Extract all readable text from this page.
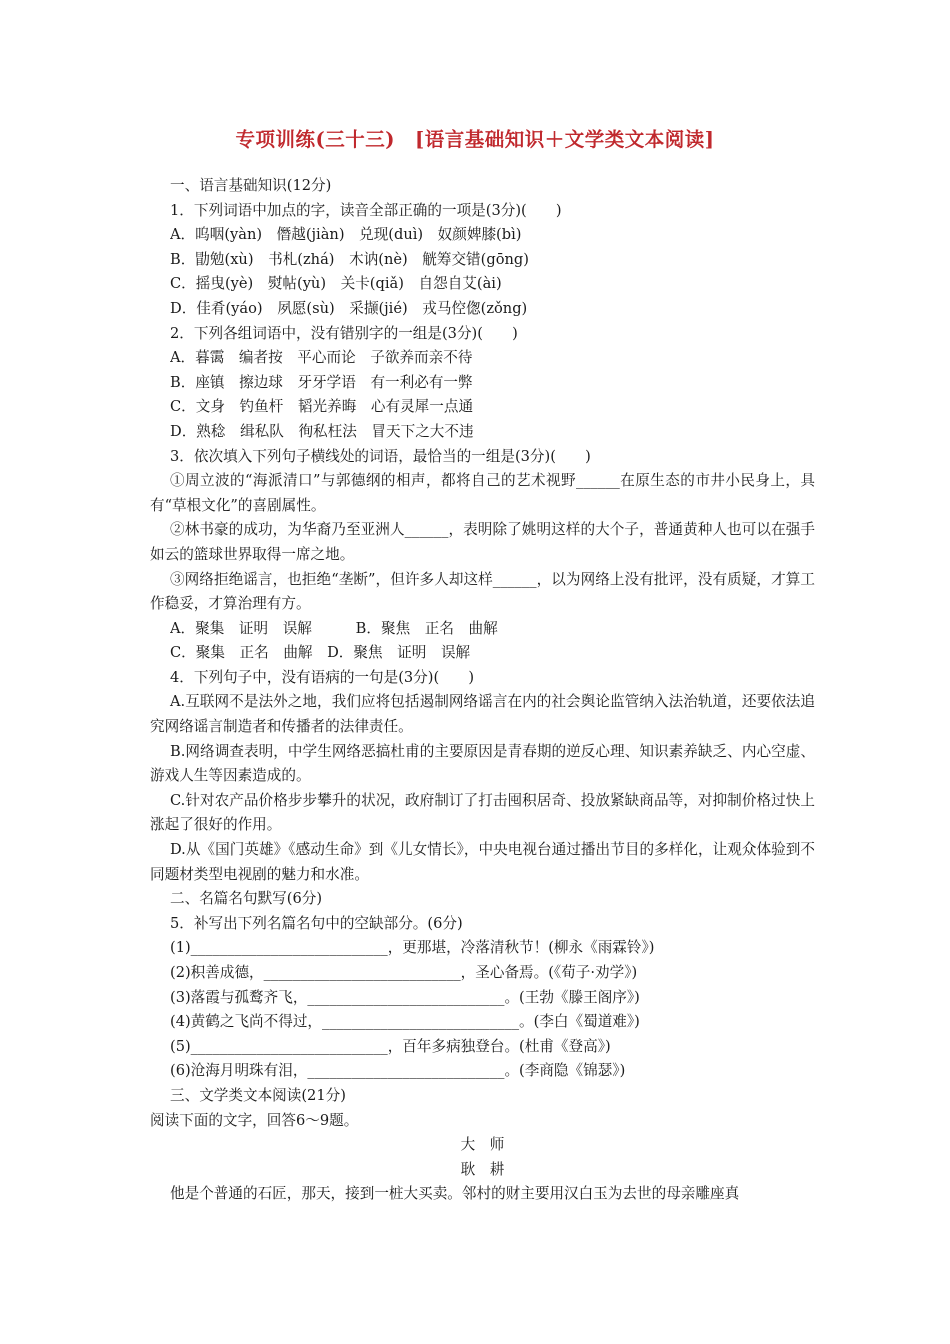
专项训练(三十三)　[语言基础知识＋文学类文本阅读]
一、语言基础知识(12分)
1．下列词语中加点的字，读音全部正确的一项是(3分)(　　)
A．呜咽(yàn)　僭越(jiàn)　兑现(duì)　奴颜婢膝(bì)
B．勖勉(xù)　书札(zhá)　木讷(nè)　觥筹交错(gōng)
C．摇曳(yè)　熨帖(yù)　关卡(qiǎ)　自怨自艾(ài)
D．佳肴(yáo)　夙愿(sù)　采撷(jié)　戎马倥偬(zǒng)
2．下列各组词语中，没有错别字的一组是(3分)(　　)
A．暮霭　编者按　平心而论　子欲养而亲不待
B．座镇　擦边球　牙牙学语　有一利必有一弊
C．文身　钓鱼杆　韬光养晦　心有灵犀一点通
D．熟稔　缉私队　徇私枉法　冒天下之大不违
3．依次填入下列句子横线处的词语，最恰当的一组是(3分)(　　)
①周立波的“海派清口”与郭德纲的相声，都将自己的艺术视野______在原生态的市井小民身上，具有“草根文化”的喜剧属性。
②林书豪的成功，为华裔乃至亚洲人______，表明除了姚明这样的大个子，普通黄种人也可以在强手如云的篮球世界取得一席之地。
③网络拒绝谣言，也拒绝“垄断”，但许多人却这样______，以为网络上没有批评，没有质疑，才算工作稳妥，才算治理有方。
A．聚集　证明　误解　　　B．聚焦　正名　曲解
C．聚集　正名　曲解　D．聚焦　证明　误解
4．下列句子中，没有语病的一句是(3分)(　　)
A.互联网不是法外之地，我们应将包括遏制网络谣言在内的社会舆论监管纳入法治轨道，还要依法追究网络谣言制造者和传播者的法律责任。
B.网络调查表明，中学生网络恶搞杜甫的主要原因是青春期的逆反心理、知识素养缺乏、内心空虚、游戏人生等因素造成的。
C.针对农产品价格步步攀升的状况，政府制订了打击囤积居奇、投放紧缺商品等，对抑制价格过快上涨起了很好的作用。
D.从《国门英雄》《感动生命》到《儿女情长》，中央电视台通过播出节目的多样化，让观众体验到不同题材类型电视剧的魅力和水准。
二、名篇名句默写(6分)
5．补写出下列名篇名句中的空缺部分。(6分)
(1)___________________________，更那堪，冷落清秋节！(柳永《雨霖铃》)
(2)积善成德，___________________________，圣心备焉。(《荀子·劝学》)
(3)落霞与孤鹜齐飞，___________________________。(王勃《滕王阁序》)
(4)黄鹤之飞尚不得过，___________________________。(李白《蜀道难》)
(5)___________________________，百年多病独登台。(杜甫《登高》)
(6)沧海月明珠有泪，___________________________。(李商隐《锦瑟》)
三、文学类文本阅读(21分)
阅读下面的文字，回答6～9题。
大　师
耿　耕
他是个普通的石匠，那天，接到一桩大买卖。邻村的财主要用汉白玉为去世的母亲雕座真
